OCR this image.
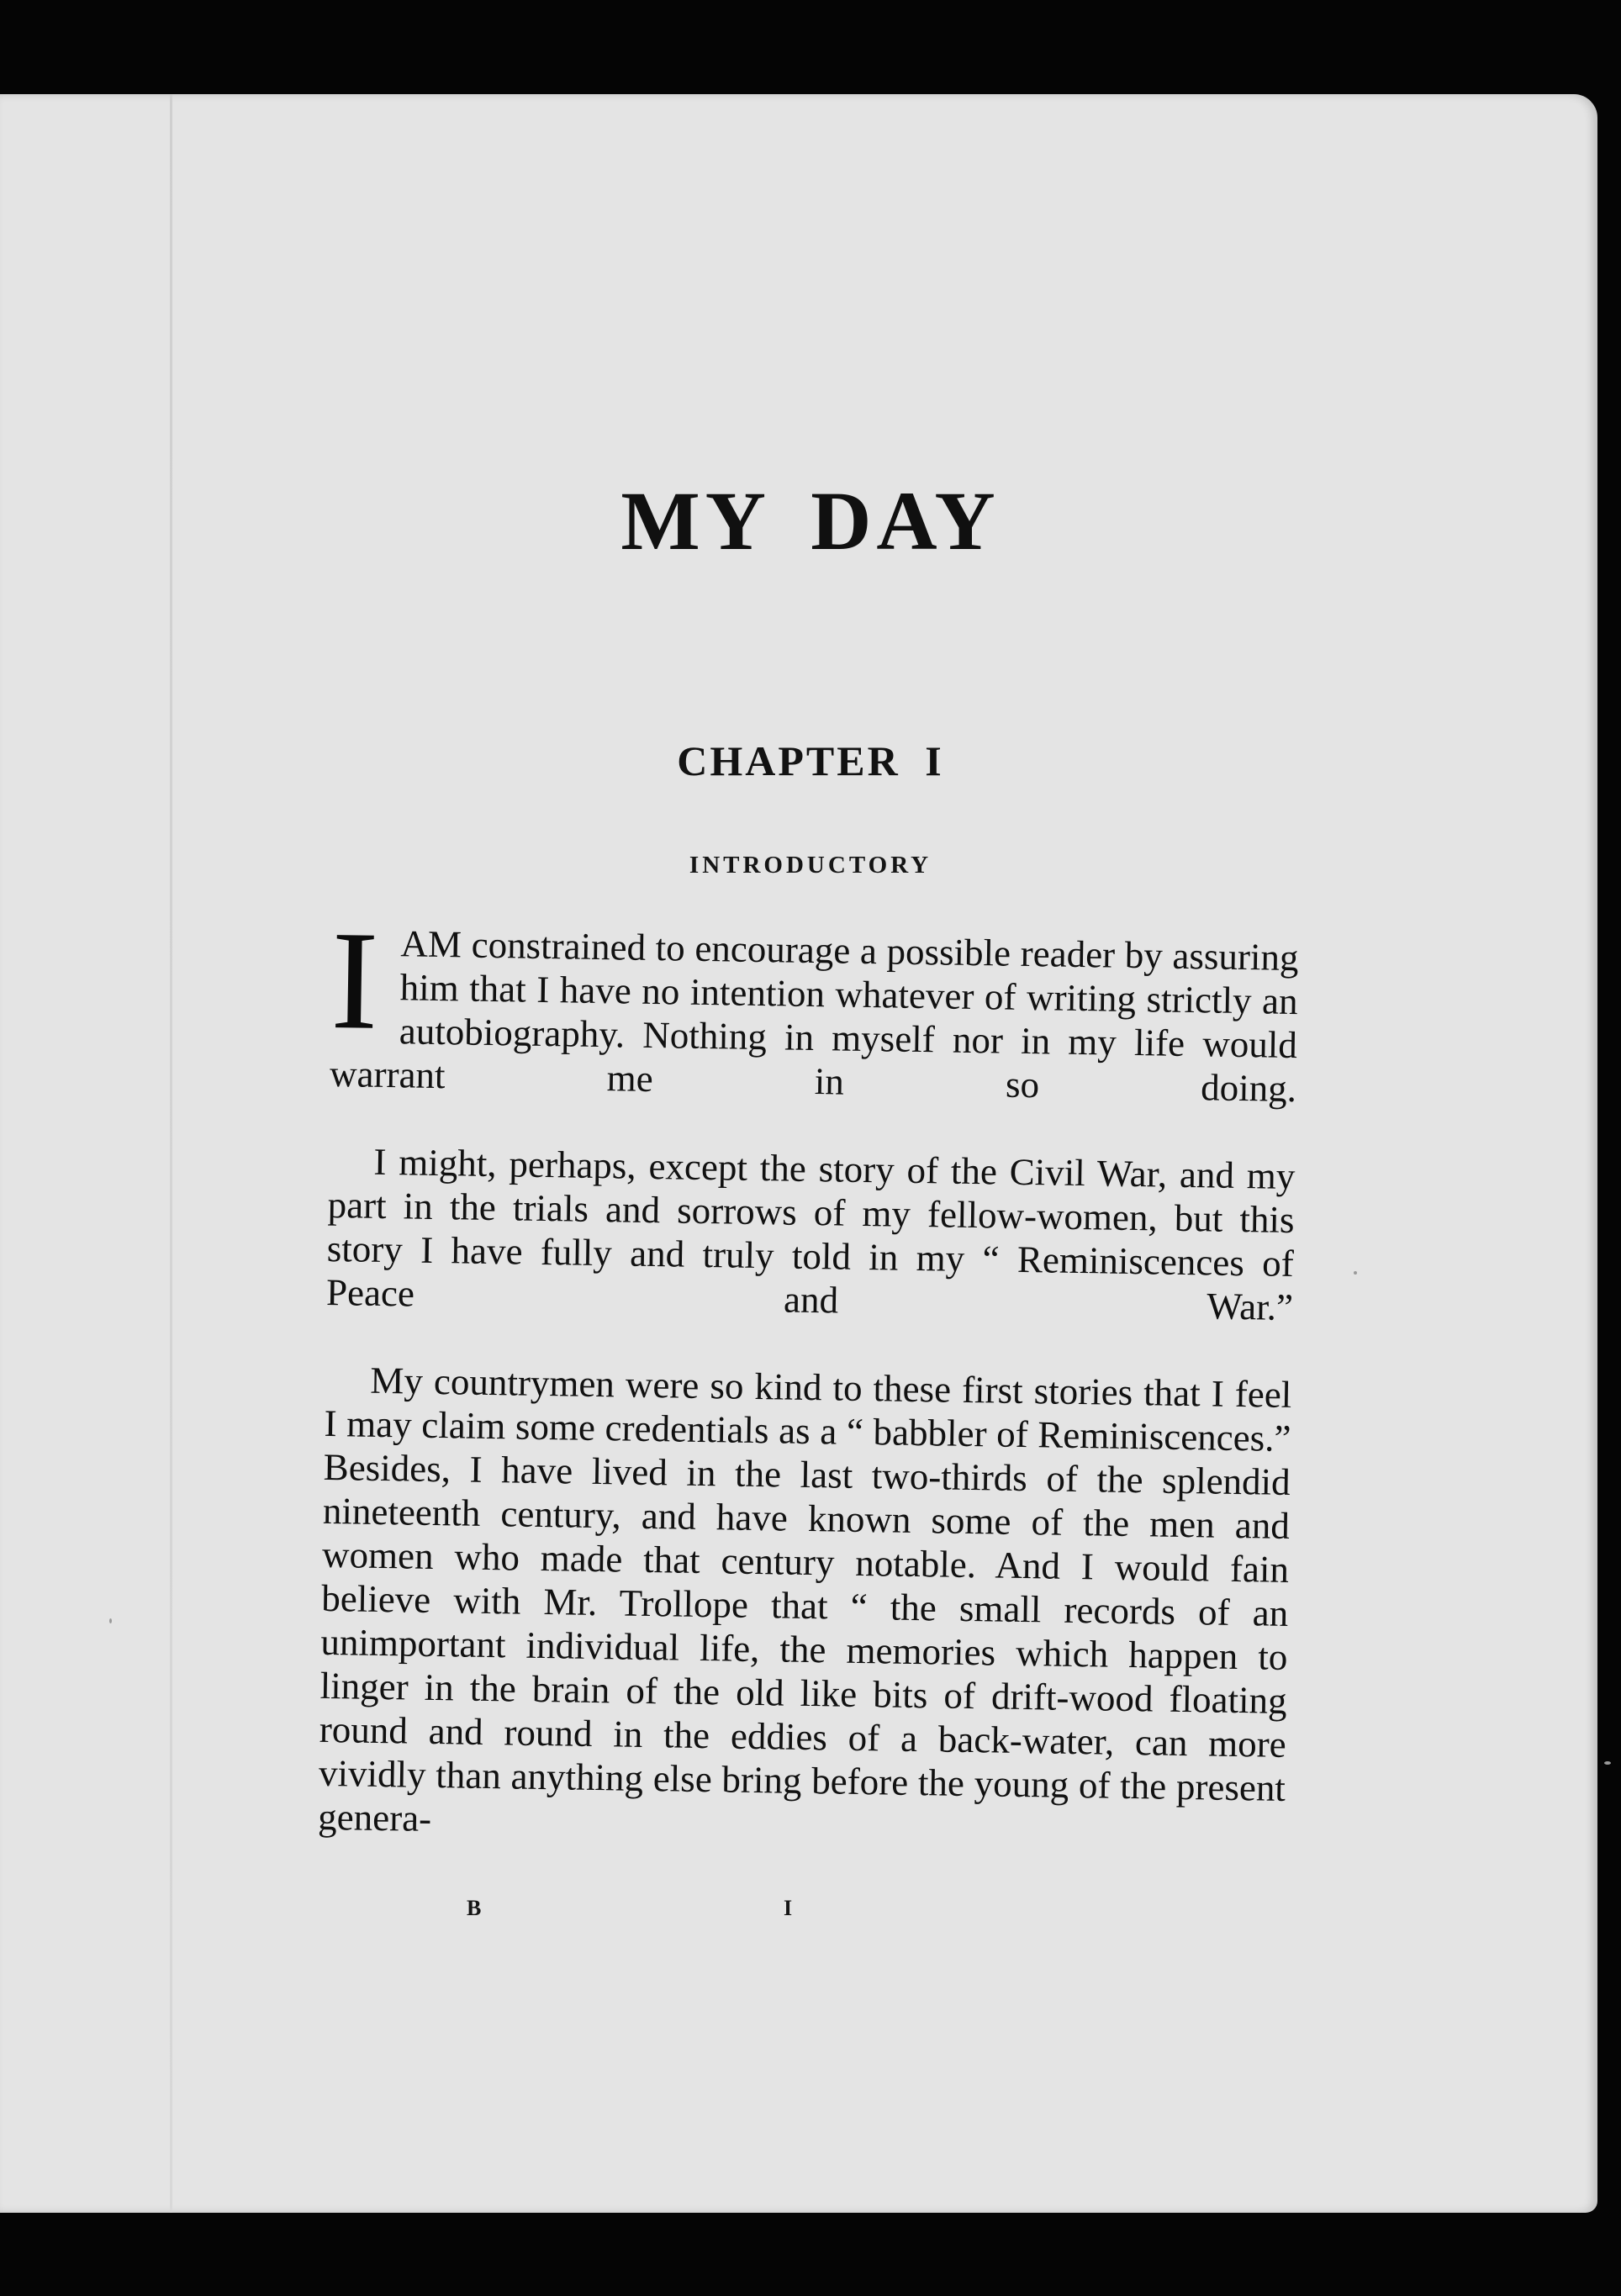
MY DAY
CHAPTER I
INTRODUCTORY

I AM constrained to encourage a possible reader by assuring him that I have no intention whatever of writing strictly an autobiography. Nothing in myself nor in my life would warrant me in so doing.

I might, perhaps, except the story of the Civil War, and my part in the trials and sorrows of my fellow-women, but this story I have fully and truly told in my “ Reminiscences of Peace and War.”

My countrymen were so kind to these first stories that I feel I may claim some credentials as a “ babbler of Reminiscences.” Besides, I have lived in the last two-thirds of the splendid nineteenth century, and have known some of the men and women who made that century notable. And I would fain believe with Mr. Trollope that “ the small records of an unimportant individual life, the memories which happen to linger in the brain of the old like bits of drift-wood floating round and round in the eddies of a back-water, can more vividly than anything else bring before the young of the present genera-

B	I
